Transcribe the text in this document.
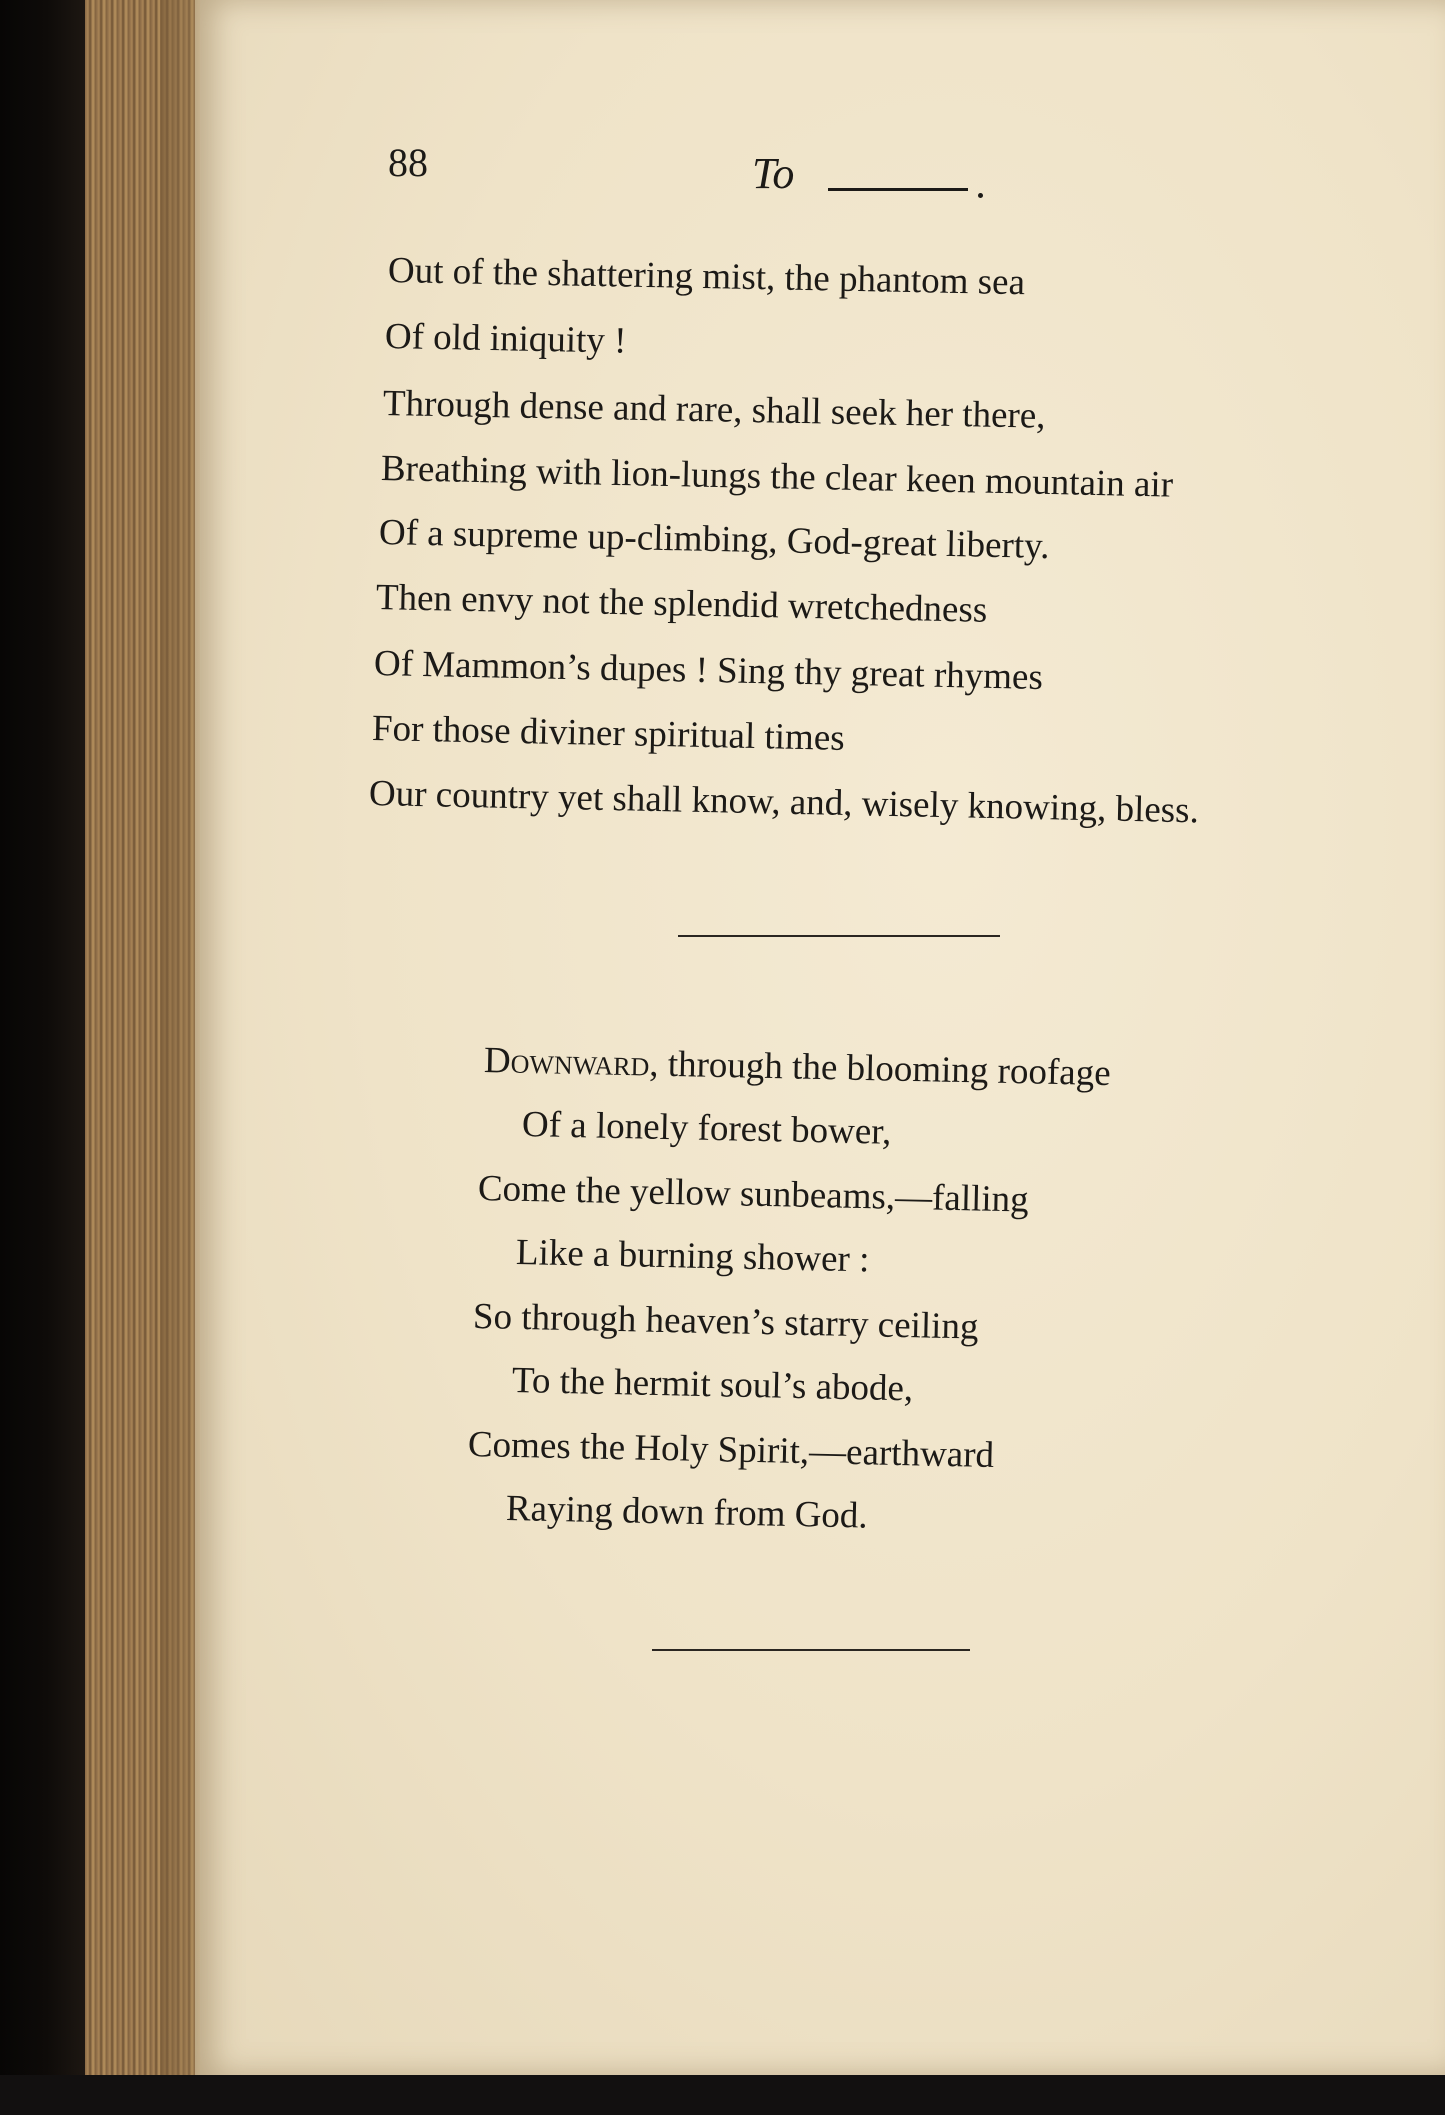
88	To
Out of the shattering mist, the phantom sea
Of old iniquity !
Through dense and rare, shall seek her there,
Breathing with lion-lungs the clear keen mountain air
Of a supreme up-climbing, God-great liberty.
Then envy not the splendid wretchedness
Of Mammon’s dupes ! Sing thy great rhymes
For those diviner spiritual times
Our country yet shall know, and, wisely knowing, bless.
Downward, through the blooming roofage
Of a lonely forest bower,
Come the yellow sunbeams,—falling
Like a burning shower :
So through heaven’s starry ceiling
To the hermit soul’s abode,
Comes the Holy Spirit,—earthward
Raying down from God.
